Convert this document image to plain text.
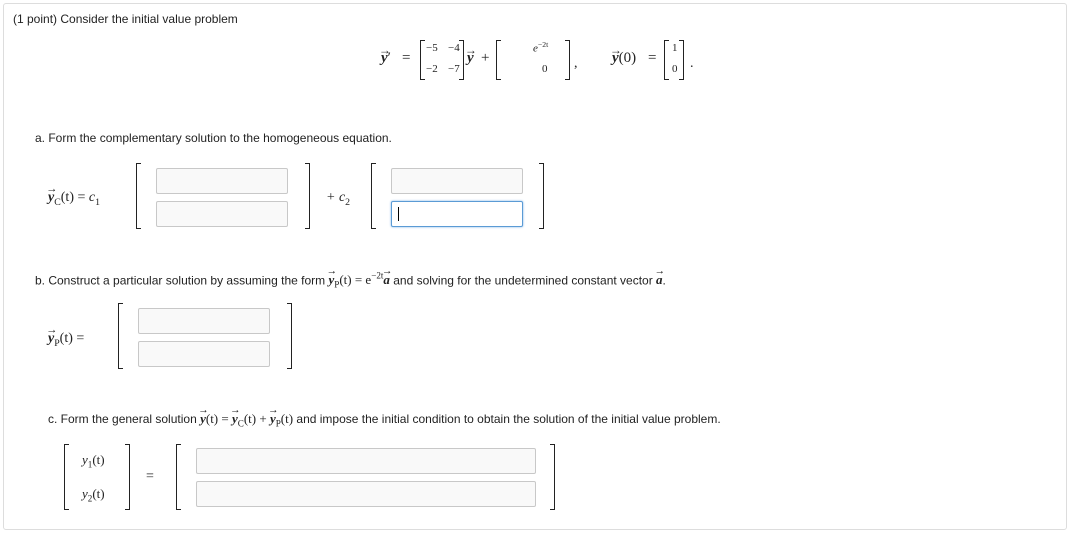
(1 point) Consider the initial value problem
→ y′ =
−5 −4
−2 −7
→ y +
$e^{-2t}$
0 ,
→ y(0) =
1
0 .
a. Form the complementary solution to the homogeneous equation.
→ $y_C(t) = c_1$	+ $c_2$
b. Construct a particular solution by assuming the form → $y_P(t) = e^{-2t}\to a$ and solving for the undetermined constant vector → a.
→ $y_P(t)$ =
c. Form the general solution → y(t) = → $y_C(t)$ + → $y_P(t)$ and impose the initial condition to obtain the solution of the initial value problem.
$y_1(t)$
$y_2(t)$
=
